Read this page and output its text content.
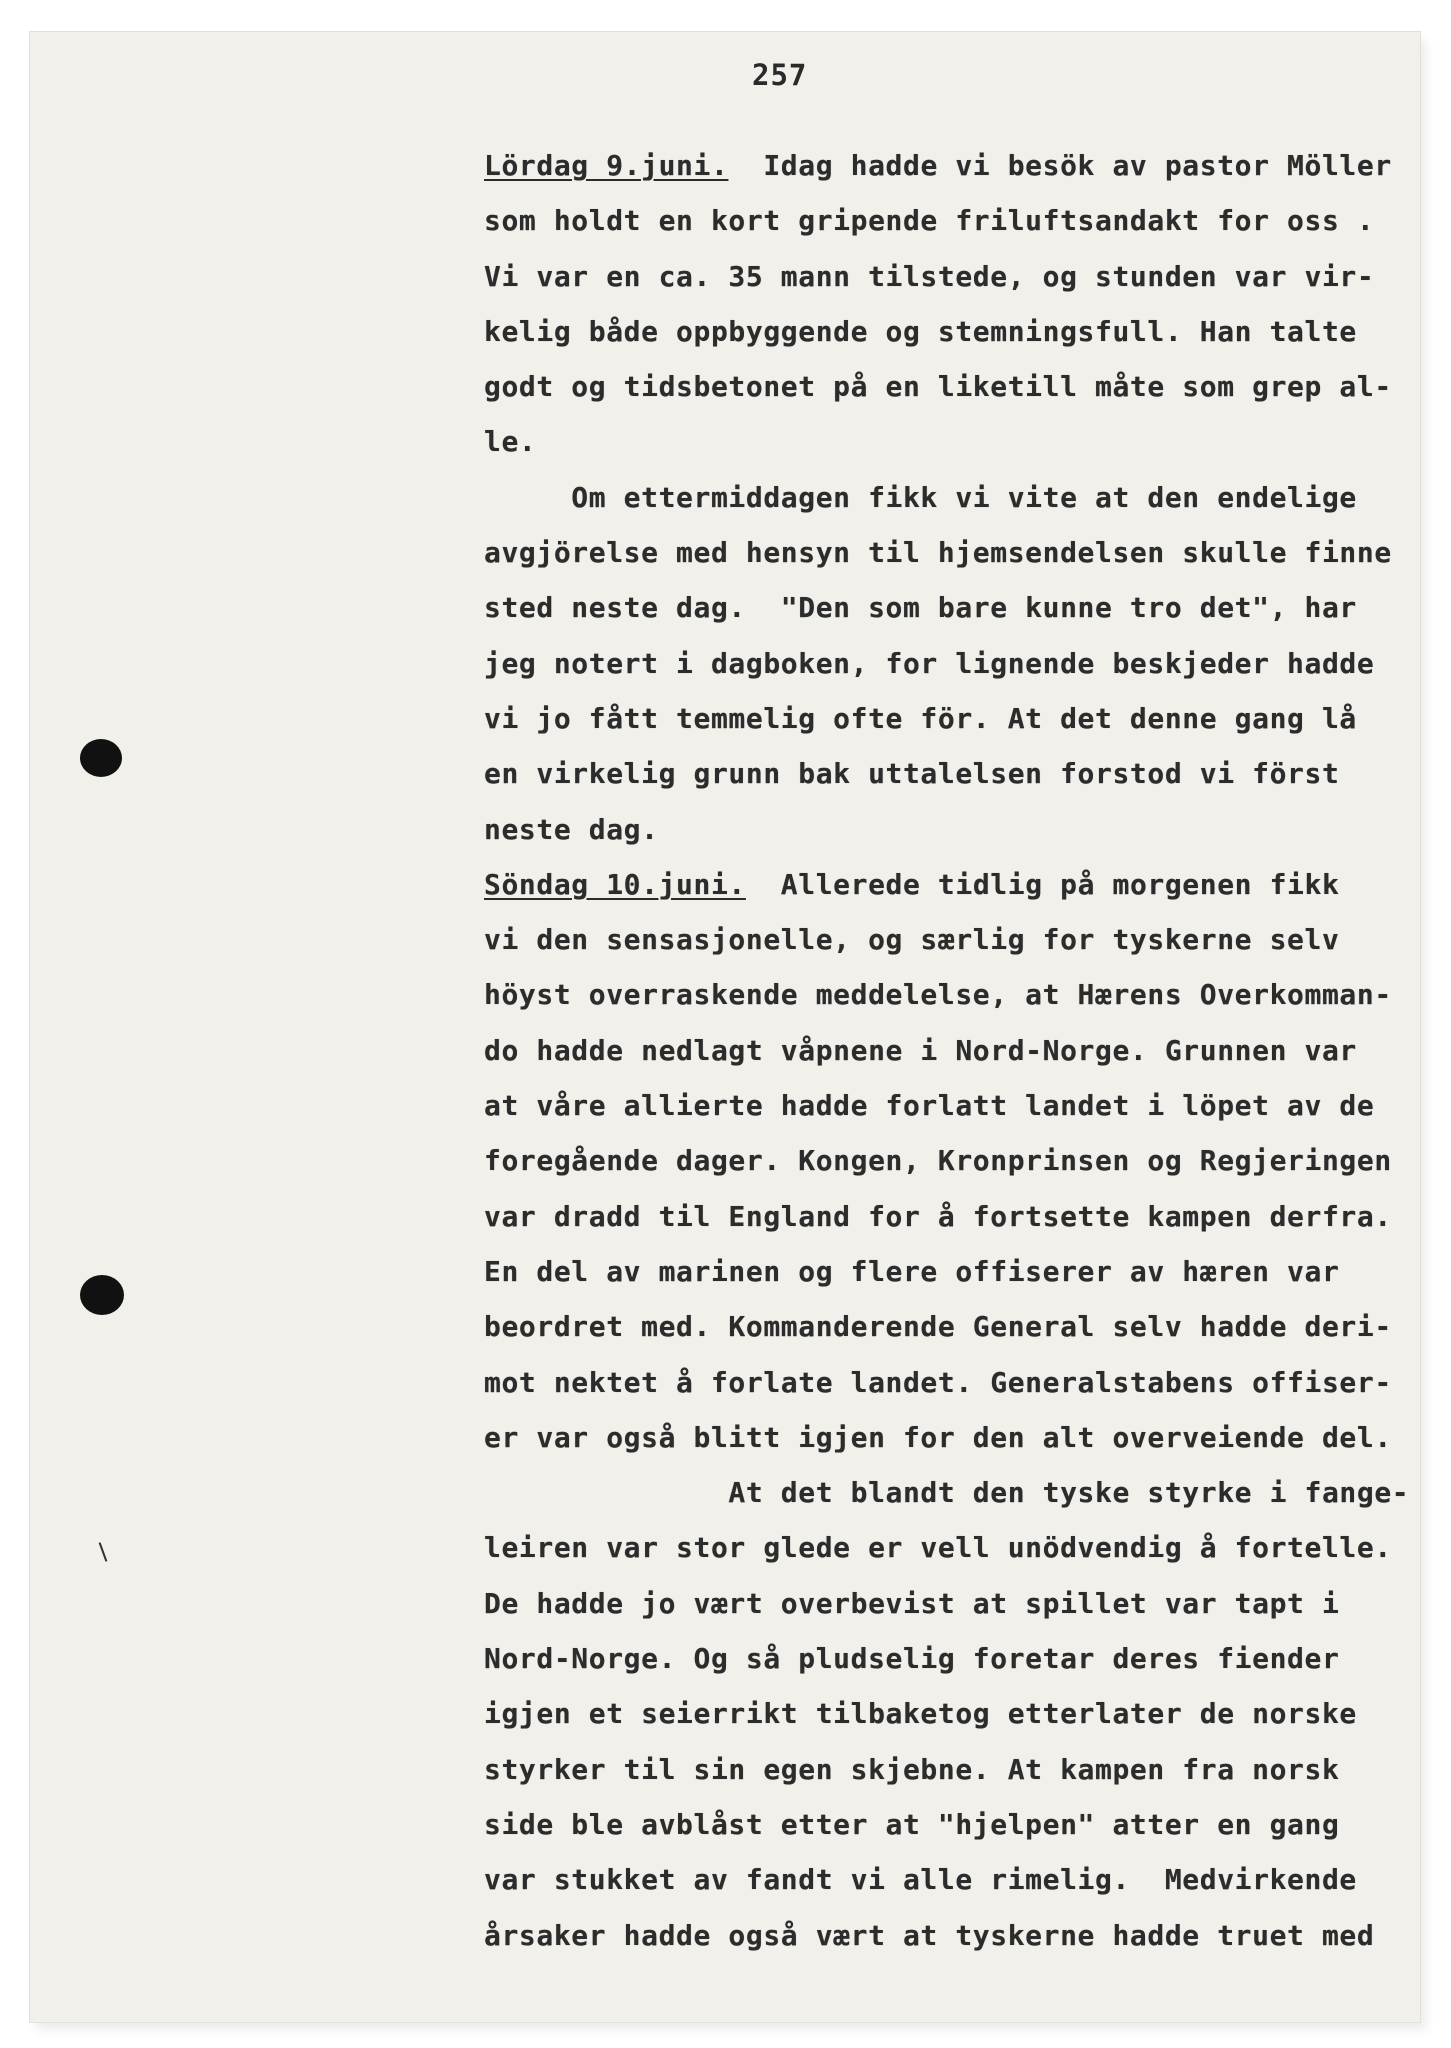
257
Lördag 9.juni.  Idag hadde vi besök av pastor Möller
som holdt en kort gripende friluftsandakt for oss .
Vi var en ca. 35 mann tilstede, og stunden var vir-
kelig både oppbyggende og stemningsfull. Han talte
godt og tidsbetonet på en liketill måte som grep al-
le.
Om ettermiddagen fikk vi vite at den endelige
avgjörelse med hensyn til hjemsendelsen skulle finne
sted neste dag.  "Den som bare kunne tro det", har
jeg notert i dagboken, for lignende beskjeder hadde
vi jo fått temmelig ofte för. At det denne gang lå
en virkelig grunn bak uttalelsen forstod vi först
neste dag.
Söndag 10.juni.  Allerede tidlig på morgenen fikk
vi den sensasjonelle, og særlig for tyskerne selv
höyst overraskende meddelelse, at Hærens Overkomman-
do hadde nedlagt våpnene i Nord-Norge. Grunnen var
at våre allierte hadde forlatt landet i löpet av de
foregående dager. Kongen, Kronprinsen og Regjeringen
var dradd til England for å fortsette kampen derfra.
En del av marinen og flere offiserer av hæren var
beordret med. Kommanderende General selv hadde deri-
mot nektet å forlate landet. Generalstabens offiser-
er var også blitt igjen for den alt overveiende del.
At det blandt den tyske styrke i fange-
leiren var stor glede er vell unödvendig å fortelle.
De hadde jo vært overbevist at spillet var tapt i
Nord-Norge. Og så pludselig foretar deres fiender
igjen et seierrikt tilbaketog etterlater de norske
styrker til sin egen skjebne. At kampen fra norsk
side ble avblåst etter at "hjelpen" atter en gang
var stukket av fandt vi alle rimelig.  Medvirkende
årsaker hadde også vært at tyskerne hadde truet med
